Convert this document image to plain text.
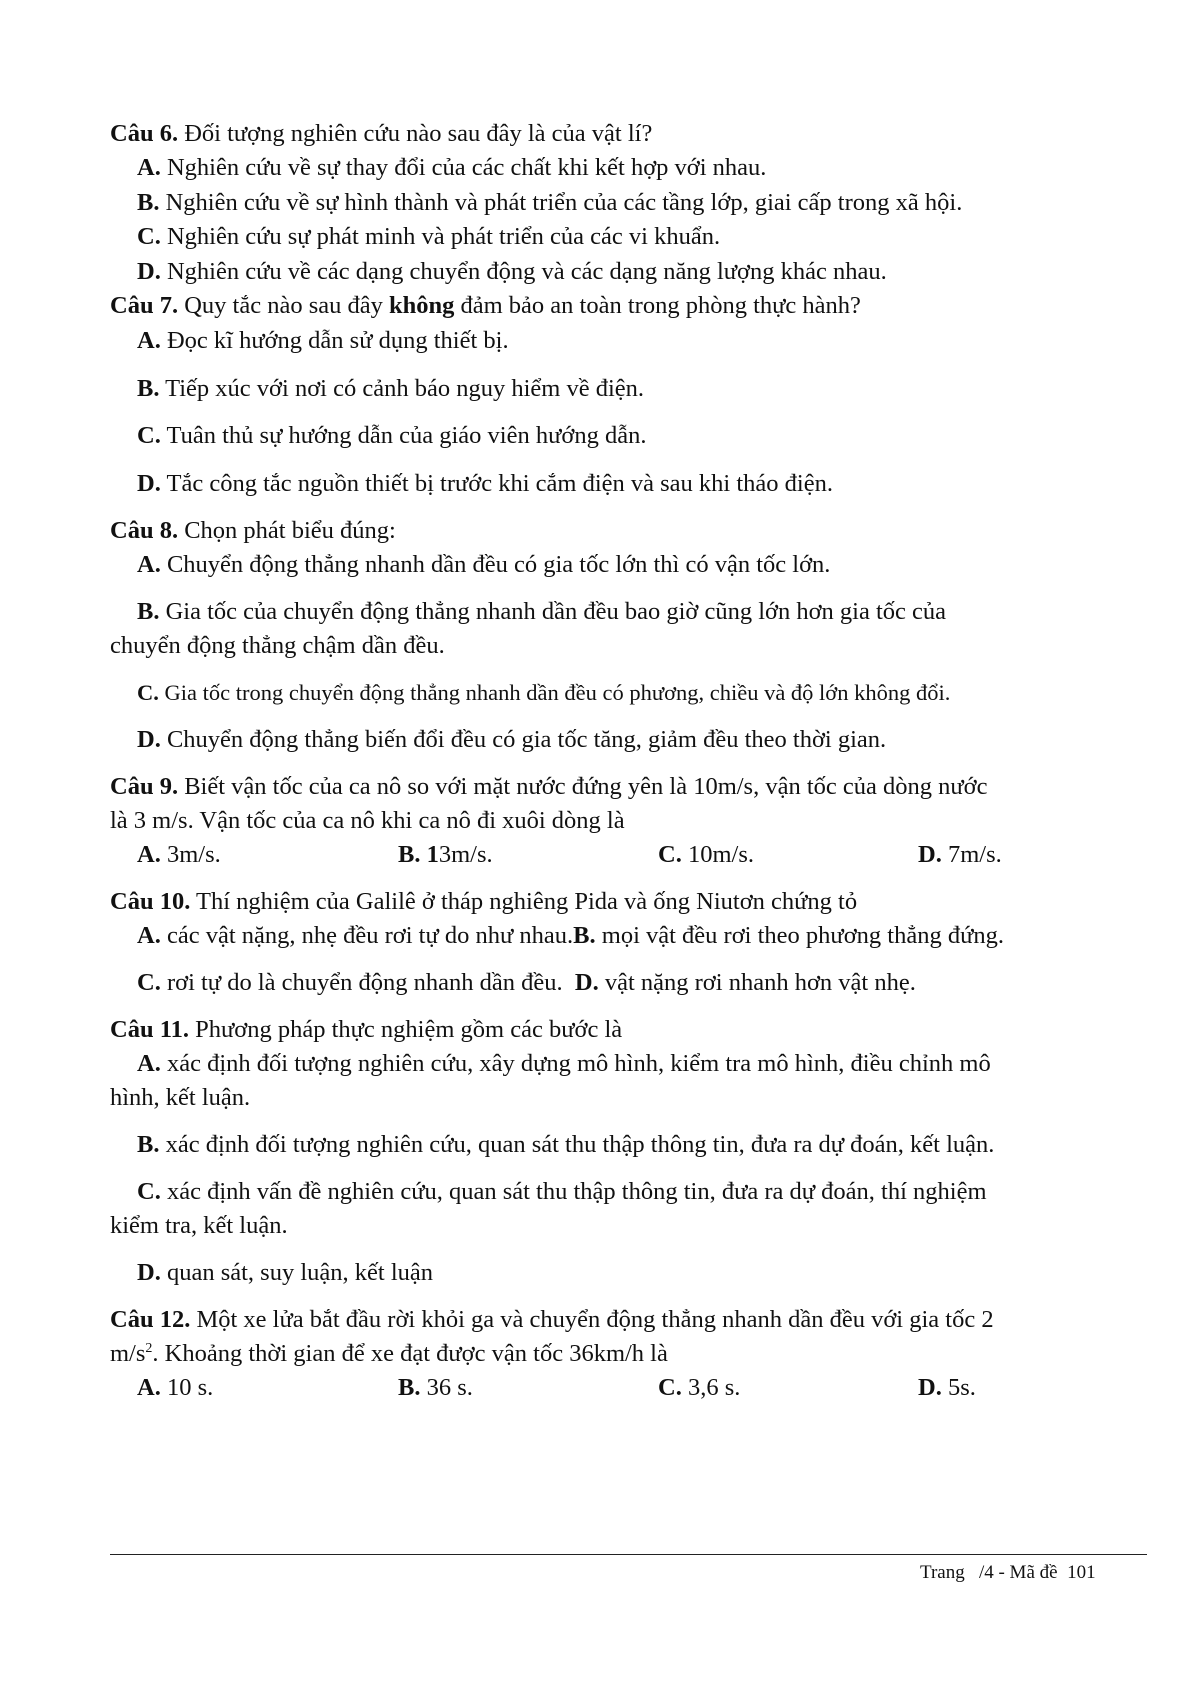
Câu 6. Đối tượng nghiên cứu nào sau đây là của vật lí?
A. Nghiên cứu về sự thay đổi của các chất khi kết hợp với nhau.
B. Nghiên cứu về sự hình thành và phát triển của các tầng lớp, giai cấp trong xã hội.
C. Nghiên cứu sự phát minh và phát triển của các vi khuẩn.
D. Nghiên cứu về các dạng chuyển động và các dạng năng lượng khác nhau.
Câu 7. Quy tắc nào sau đây không đảm bảo an toàn trong phòng thực hành?
A. Đọc kĩ hướng dẫn sử dụng thiết bị.
B. Tiếp xúc với nơi có cảnh báo nguy hiểm về điện.
C. Tuân thủ sự hướng dẫn của giáo viên hướng dẫn.
D. Tắc công tắc nguồn thiết bị trước khi cắm điện và sau khi tháo điện.
Câu 8. Chọn phát biểu đúng:
A. Chuyển động thẳng nhanh dần đều có gia tốc lớn thì có vận tốc lớn.
B. Gia tốc của chuyển động thẳng nhanh dần đều bao giờ cũng lớn hơn gia tốc của
chuyển động thẳng chậm dần đều.
C. Gia tốc trong chuyển động thẳng nhanh dần đều có phương, chiều và độ lớn không đổi.
D. Chuyển động thẳng biến đổi đều có gia tốc tăng, giảm đều theo thời gian.
Câu 9. Biết vận tốc của ca nô so với mặt nước đứng yên là 10m/s, vận tốc của dòng nước
là 3 m/s. Vận tốc của ca nô khi ca nô đi xuôi dòng là
A. 3m/s.	B. 13m/s.	C. 10m/s.	D. 7m/s.
Câu 10. Thí nghiệm của Galilê ở tháp nghiêng Pida và ống Niutơn chứng tỏ
A. các vật nặng, nhẹ đều rơi tự do như nhau.B. mọi vật đều rơi theo phương thẳng đứng.
C. rơi tự do là chuyển động nhanh dần đều. D. vật nặng rơi nhanh hơn vật nhẹ.
Câu 11. Phương pháp thực nghiệm gồm các bước là
A. xác định đối tượng nghiên cứu, xây dựng mô hình, kiểm tra mô hình, điều chỉnh mô
hình, kết luận.
B. xác định đối tượng nghiên cứu, quan sát thu thập thông tin, đưa ra dự đoán, kết luận.
C. xác định vấn đề nghiên cứu, quan sát thu thập thông tin, đưa ra dự đoán, thí nghiệm
kiểm tra, kết luận.
D. quan sát, suy luận, kết luận
Câu 12. Một xe lửa bắt đầu rời khỏi ga và chuyển động thẳng nhanh dần đều với gia tốc 2
$m/s^2$. Khoảng thời gian để xe đạt được vận tốc 36km/h là
A. 10 s.	B. 36 s.	C. 3,6 s.	D. 5s.
Trang /4 - Mã đề 101
